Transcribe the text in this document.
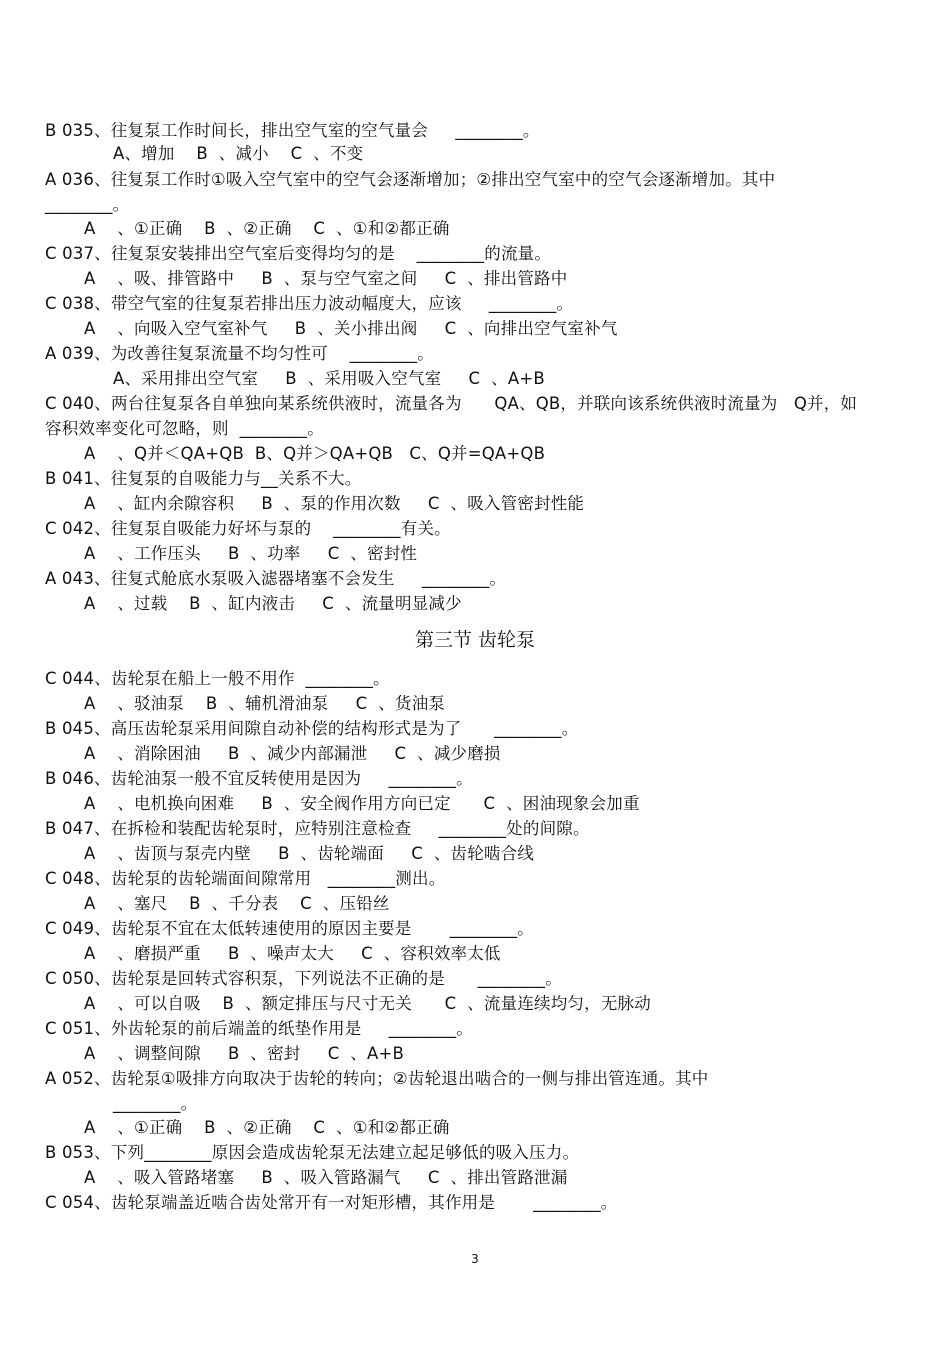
B 035、往复泵工作时间长，排出空气室的空气量会     ________。
A、增加    B  、减小    C  、不变
A 036、往复泵工作时①吸入空气室中的空气会逐渐增加；②排出空气室中的空气会逐渐增加。其中
________。
A    、①正确    B  、②正确    C  、①和②都正确
C 037、往复泵安装排出空气室后变得均匀的是    ________的流量。
A    、吸、排管路中     B  、泵与空气室之间     C  、排出管路中
C 038、带空气室的往复泵若排出压力波动幅度大，应该     ________。
A    、向吸入空气室补气     B  、关小排出阀     C  、向排出空气室补气
A 039、为改善往复泵流量不均匀性可    ________。
A、采用排出空气室     B  、采用吸入空气室     C  、A+B
C 040、两台往复泵各自单独向某系统供液时，流量各为      QA、QB，并联向该系统供液时流量为   Q并，如
容积效率变化可忽略，则  ________。
A    、Q并＜QA+QB  B、Q并＞QA+QB   C、Q并=QA+QB
B 041、往复泵的自吸能力与__关系不大。
A    、缸内余隙容积     B  、泵的作用次数     C  、吸入管密封性能
C 042、往复泵自吸能力好坏与泵的    ________有关。
A    、工作压头     B  、功率     C  、密封性
A 043、往复式舱底水泵吸入滤器堵塞不会发生     ________。
A    、过载    B  、缸内液击     C  、流量明显减少
C 044、齿轮泵在船上一般不用作  ________。
A    、驳油泵    B  、辅机滑油泵     C  、货油泵
B 045、高压齿轮泵采用间隙自动补偿的结构形式是为了      ________。
A    、消除困油     B  、减少内部漏泄     C  、减少磨损
B 046、齿轮油泵一般不宜反转使用是因为     ________。
A    、电机换向困难     B  、安全阀作用方向已定      C  、困油现象会加重
B 047、在拆检和装配齿轮泵时，应特别注意检查     ________处的间隙。
A    、齿顶与泵壳内壁     B  、齿轮端面     C  、齿轮啮合线
C 048、齿轮泵的齿轮端面间隙常用   ________测出。
A    、塞尺    B  、千分表    C  、压铅丝
C 049、齿轮泵不宜在太低转速使用的原因主要是       ________。
A    、磨损严重     B  、噪声太大     C  、容积效率太低
C 050、齿轮泵是回转式容积泵，下列说法不正确的是      ________。
A    、可以自吸    B  、额定排压与尺寸无关      C  、流量连续均匀，无脉动
C 051、外齿轮泵的前后端盖的纸垫作用是     ________。
A    、调整间隙     B  、密封     C  、A+B
A 052、齿轮泵①吸排方向取决于齿轮的转向；②齿轮退出啮合的一侧与排出管连通。其中
________。
A    、①正确    B  、②正确    C  、①和②都正确
B 053、下列________原因会造成齿轮泵无法建立起足够低的吸入压力。
A    、吸入管路堵塞     B  、吸入管路漏气     C  、排出管路泄漏
C 054、齿轮泵端盖近啮合齿处常开有一对矩形槽，其作用是       ________。
第三节 齿轮泵
3
